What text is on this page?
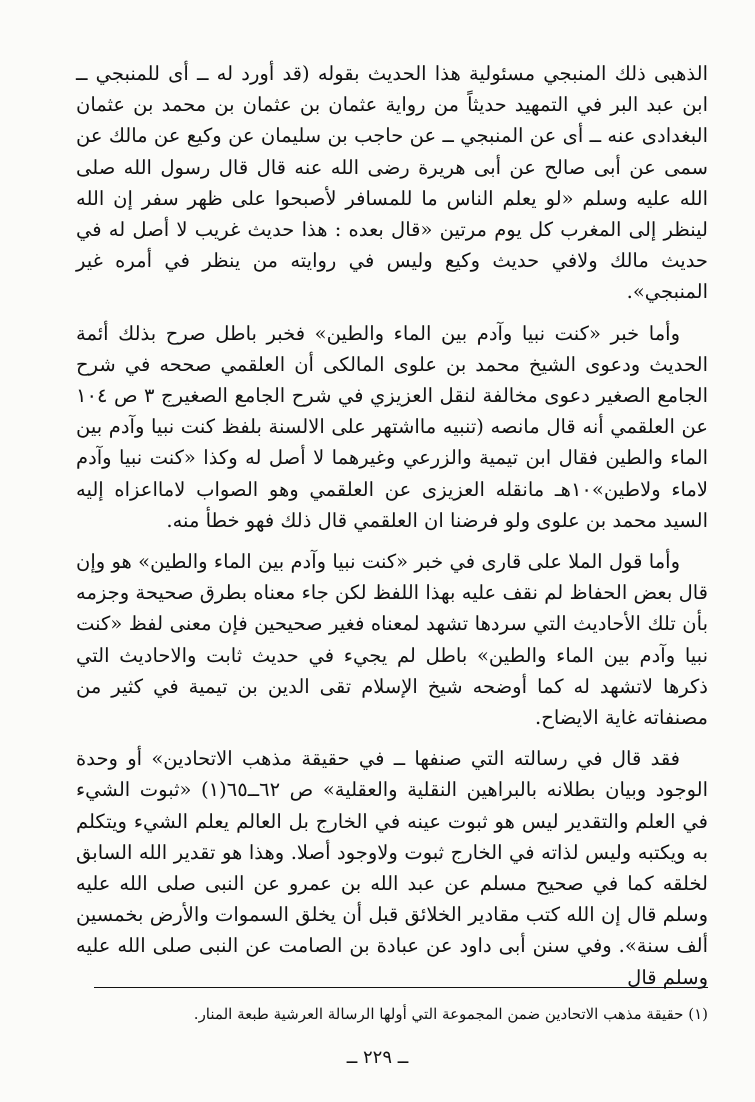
الذهبى ذلك المنبجي مسئولية هذا الحديث بقوله (قد أورد له ــ أى للمنبجي ــ ابن عبد البر في التمهيد حديثاً من رواية عثمان بن عثمان بن محمد بن عثمان البغدادى عنه ــ أى عن المنبجي ــ عن حاجب بن سليمان عن وكيع عن مالك عن سمى عن أبى صالح عن أبى هريرة رضى الله عنه قال قال رسول الله صلى الله عليه وسلم «لو يعلم الناس ما للمسافر لأصبحوا على ظهر سفر إن الله لينظر إلى المغرب كل يوم مرتين «قال بعده : هذا حديث غريب لا أصل له في حديث مالك ولافي حديث وكيع وليس في روايته من ينظر في أمره غير المنبجي».

وأما خبر «كنت نبيا وآدم بين الماء والطين» فخبر باطل صرح بذلك أئمة الحديث ودعوى الشيخ محمد بن علوى المالكى أن العلقمي صححه في شرح الجامع الصغير دعوى مخالفة لنقل العزيزي في شرح الجامع الصغيرج ٣ ص ١٠٤ عن العلقمي أنه قال مانصه (تنبيه مااشتهر على الالسنة بلفظ كنت نبيا وآدم بين الماء والطين فقال ابن تيمية والزرعي وغيرهما لا أصل له وكذا «كنت نبيا وآدم لاماء ولاطين»١٠هـ مانقله العزيزى عن العلقمي وهو الصواب لامااعزاه إليه السيد محمد بن علوى ولو فرضنا ان العلقمي قال ذلك فهو خطأ منه.

وأما قول الملا على قارى في خبر «كنت نبيا وآدم بين الماء والطين» هو وإن قال بعض الحفاظ لم نقف عليه بهذا اللفظ لكن جاء معناه بطرق صحيحة وجزمه بأن تلك الأحاديث التي سردها تشهد لمعناه فغير صحيحين فإن معنى لفظ «كنت نبيا وآدم بين الماء والطين» باطل لم يجيء في حديث ثابت والاحاديث التي ذكرها لاتشهد له كما أوضحه شيخ الإسلام تقى الدين بن تيمية في كثير من مصنفاته غاية الايضاح.

فقد قال في رسالته التي صنفها ــ في حقيقة مذهب الاتحادين» أو وحدة الوجود وبيان بطلانه بالبراهين النقلية والعقلية» ص ٦٢ــ٦٥(١) «ثبوت الشيء في العلم والتقدير ليس هو ثبوت عينه في الخارج بل العالم يعلم الشيء ويتكلم به ويكتبه وليس لذاته في الخارج ثبوت ولاوجود أصلا. وهذا هو تقدير الله السابق لخلقه كما في صحيح مسلم عن عبد الله بن عمرو عن النبى صلى الله عليه وسلم قال إن الله كتب مقادير الخلائق قبل أن يخلق السموات والأرض بخمسين ألف سنة». وفي سنن أبى داود عن عبادة بن الصامت عن النبى صلى الله عليه وسلم قال

(١) حقيقة مذهب الاتحادين ضمن المجموعة التي أولها الرسالة العرشية طبعة المنار.
ــ ٢٢٩ ــ
